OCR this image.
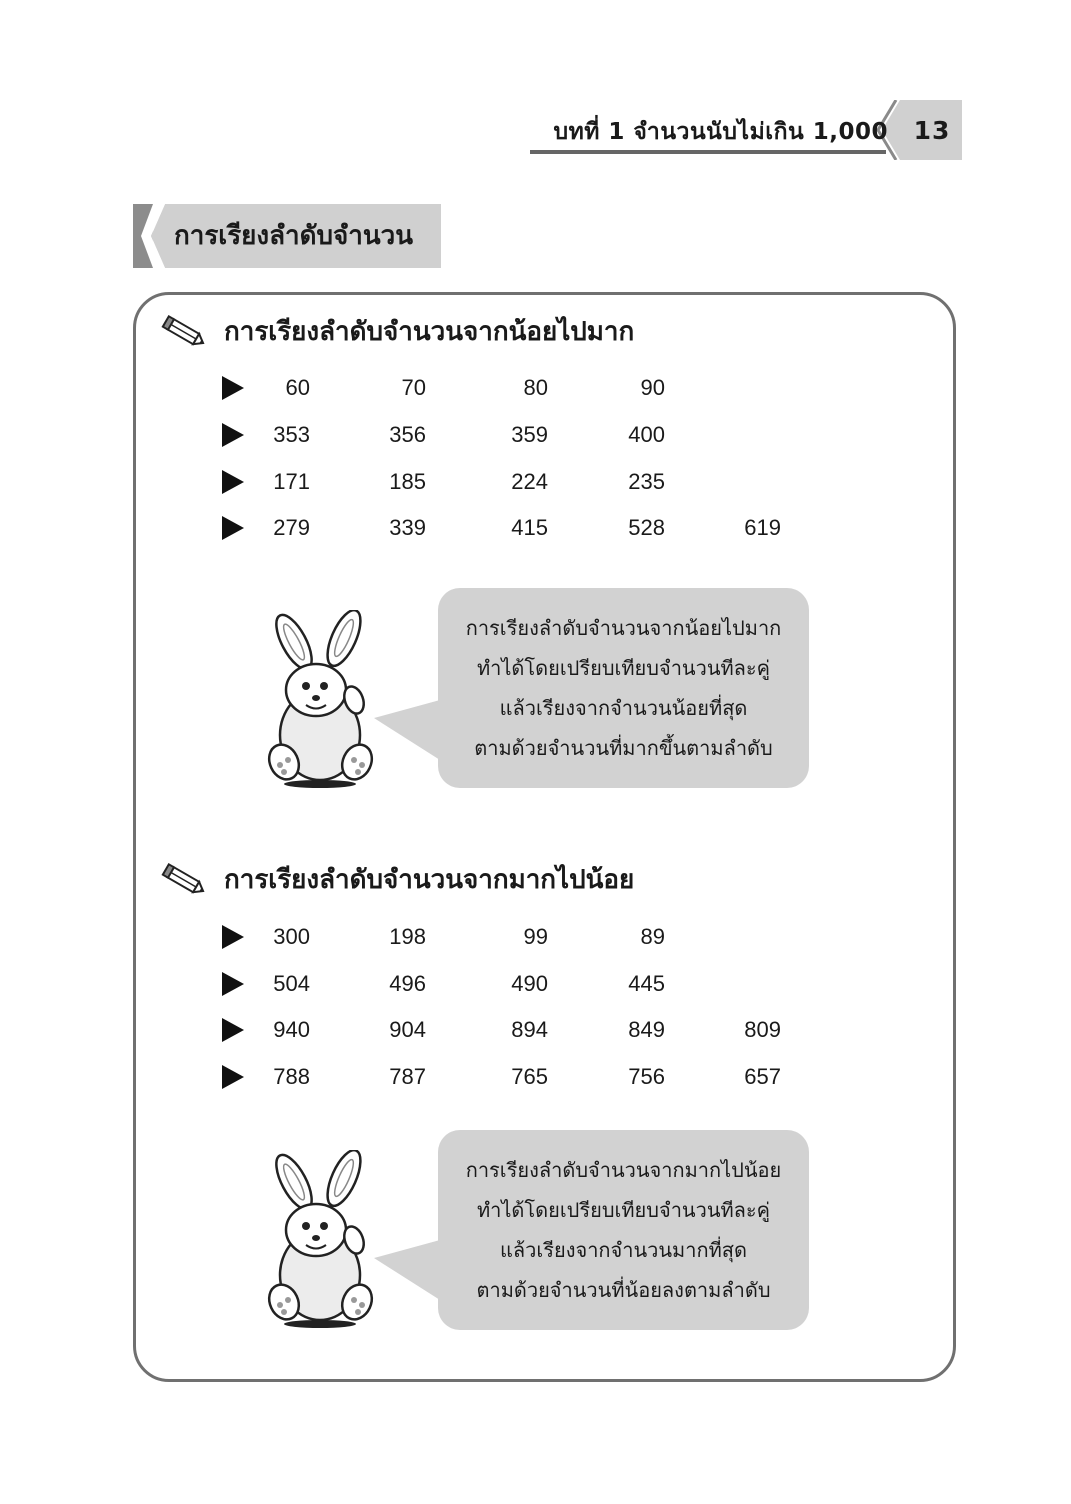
บทที่ 1 จำนวนนับไม่เกิน 1,000	13
การเรียงลำดับจำนวน
การเรียงลำดับจำนวนจากน้อยไปมาก
60	70	80	90
353	356	359	400
171	185	224	235
279	339	415	528	619
การเรียงลำดับจำนวนจากน้อยไปมาก
ทำได้โดยเปรียบเทียบจำนวนทีละคู่
แล้วเรียงจากจำนวนน้อยที่สุด
ตามด้วยจำนวนที่มากขึ้นตามลำดับ
การเรียงลำดับจำนวนจากมากไปน้อย
300	198	99	89
504	496	490	445
940	904	894	849	809
788	787	765	756	657
การเรียงลำดับจำนวนจากมากไปน้อย
ทำได้โดยเปรียบเทียบจำนวนทีละคู่
แล้วเรียงจากจำนวนมากที่สุด
ตามด้วยจำนวนที่น้อยลงตามลำดับ
